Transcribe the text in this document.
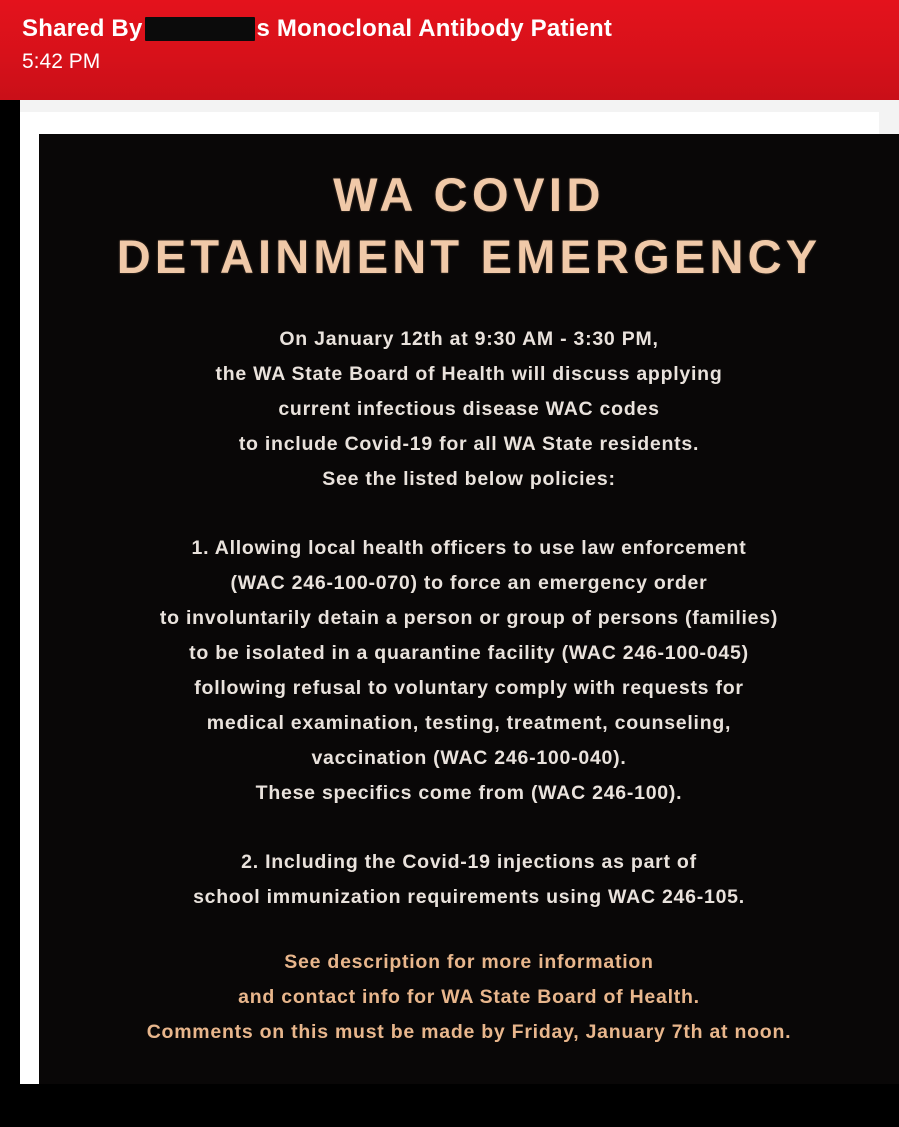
Shared By	s Monoclonal Antibody Patient
5:42 PM
WA COVID
DETAINMENT EMERGENCY

On January 12th at 9:30 AM - 3:30 PM,

the WA State Board of Health will discuss applying

current infectious disease WAC codes

to include Covid-19 for all WA State residents.

See the listed below policies:

1. Allowing local health officers to use law enforcement

(WAC 246-100-070) to force an emergency order

to involuntarily detain a person or group of persons (families)

to be isolated in a quarantine facility (WAC 246-100-045)

following refusal to voluntary comply with requests for

medical examination, testing, treatment, counseling,

vaccination (WAC 246-100-040).

These specifics come from (WAC 246-100).

2. Including the Covid-19 injections as part of

school immunization requirements using WAC 246-105.

See description for more information

and contact info for WA State Board of Health.

Comments on this must be made by Friday, January 7th at noon.
